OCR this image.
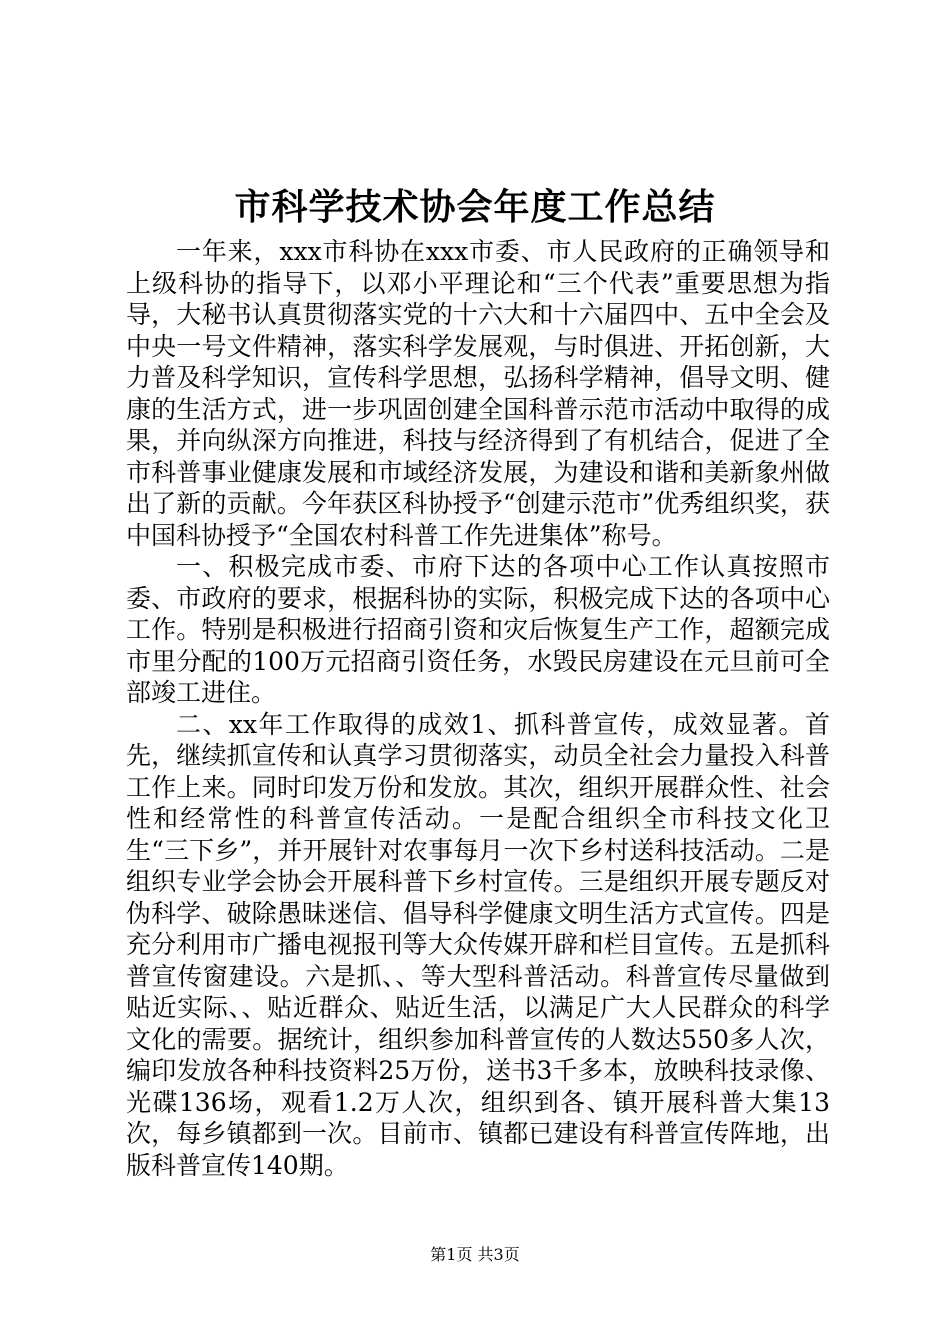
市科学技术协会年度工作总结

一年来，xxx市科协在xxx市委、市人民政府的正确领导和上级科协的指导下，以邓小平理论和“三个代表”重要思想为指导，大秘书认真贯彻落实党的十六大和十六届四中、五中全会及中央一号文件精神，落实科学发展观，与时俱进、开拓创新，大力普及科学知识，宣传科学思想，弘扬科学精神，倡导文明、健康的生活方式，进一步巩固创建全国科普示范市活动中取得的成果，并向纵深方向推进，科技与经济得到了有机结合，促进了全市科普事业健康发展和市域经济发展，为建设和谐和美新象州做出了新的贡献。今年获区科协授予“创建示范市”优秀组织奖，获中国科协授予“全国农村科普工作先进集体”称号。

一、积极完成市委、市府下达的各项中心工作认真按照市委、市政府的要求，根据科协的实际，积极完成下达的各项中心工作。特别是积极进行招商引资和灾后恢复生产工作，超额完成市里分配的100万元招商引资任务，水毁民房建设在元旦前可全部竣工进住。

二、xx年工作取得的成效1、抓科普宣传，成效显著。首先，继续抓宣传和认真学习贯彻落实，动员全社会力量投入科普工作上来。同时印发万份和发放。其次，组织开展群众性、社会性和经常性的科普宣传活动。一是配合组织全市科技文化卫生“三下乡”，并开展针对农事每月一次下乡村送科技活动。二是组织专业学会协会开展科普下乡村宣传。三是组织开展专题反对伪科学、破除愚昧迷信、倡导科学健康文明生活方式宣传。四是充分利用市广播电视报刊等大众传媒开辟和栏目宣传。五是抓科普宣传窗建设。六是抓、、等大型科普活动。科普宣传尽量做到贴近实际、、贴近群众、贴近生活，以满足广大人民群众的科学文化的需要。据统计，组织参加科普宣传的人数达550多人次，编印发放各种科技资料25万份，送书3千多本，放映科技录像、光碟136场，观看1.2万人次，组织到各、镇开展科普大集13次，每乡镇都到一次。目前市、镇都已建设有科普宣传阵地，出版科普宣传140期。

第1页 共3页
